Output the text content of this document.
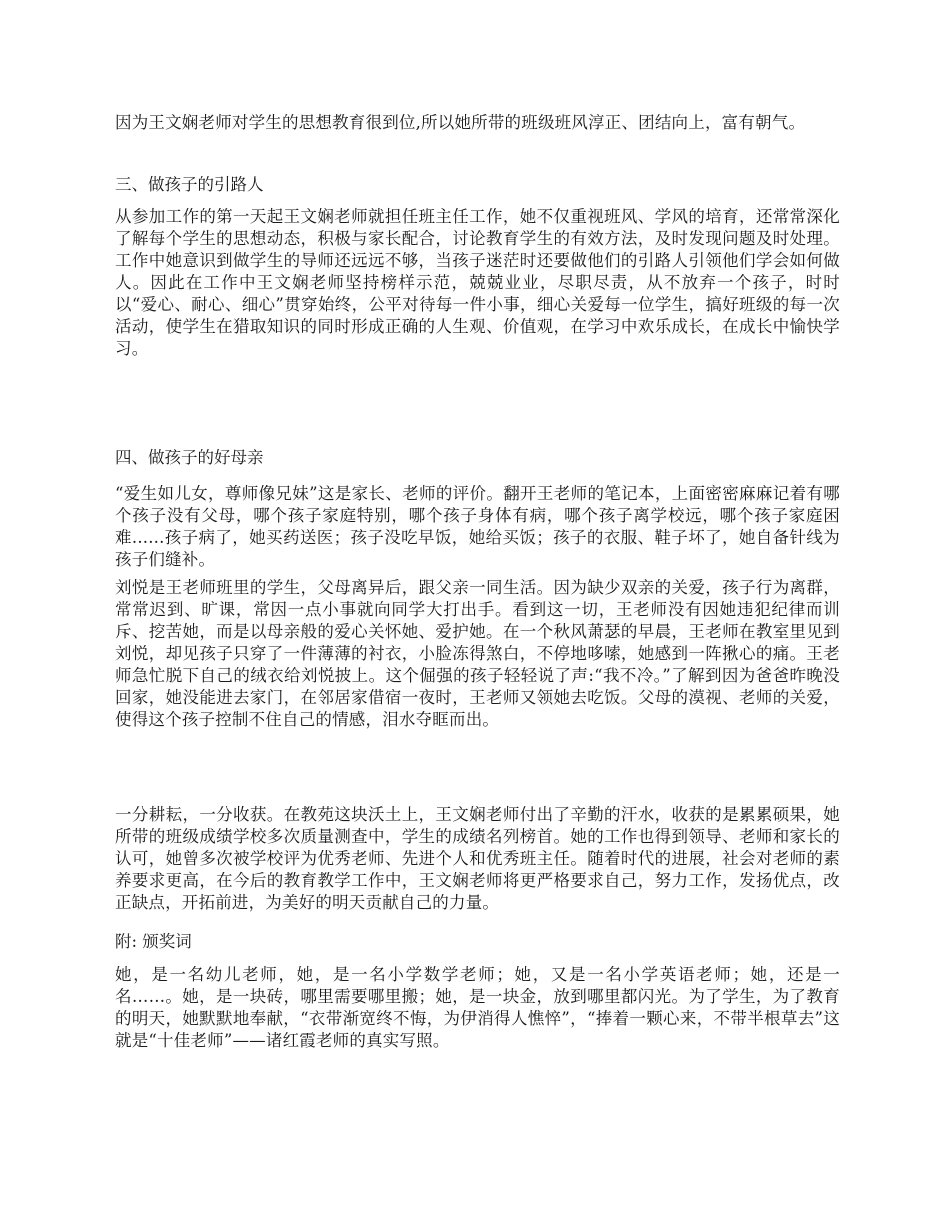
因为王文娴老师对学生的思想教育很到位,所以她所带的班级班风淳正、团结向上，富有朝气。

三、做孩子的引路人

从参加工作的第一天起王文娴老师就担任班主任工作，她不仅重视班风、学风的培育，还常常深化了解每个学生的思想动态，积极与家长配合，讨论教育学生的有效方法，及时发现问题及时处理。工作中她意识到做学生的导师还远远不够，当孩子迷茫时还要做他们的引路人引领他们学会如何做人。因此在工作中王文娴老师坚持榜样示范，兢兢业业，尽职尽责，从不放弃一个孩子，时时以“爱心、耐心、细心”贯穿始终，公平对待每一件小事，细心关爱每一位学生，搞好班级的每一次活动，使学生在猎取知识的同时形成正确的人生观、价值观，在学习中欢乐成长，在成长中愉快学习。

四、做孩子的好母亲

“爱生如儿女，尊师像兄妹”这是家长、老师的评价。翻开王老师的笔记本，上面密密麻麻记着有哪个孩子没有父母，哪个孩子家庭特别，哪个孩子身体有病，哪个孩子离学校远，哪个孩子家庭困难......孩子病了，她买药送医；孩子没吃早饭，她给买饭；孩子的衣服、鞋子坏了，她自备针线为孩子们缝补。

刘悦是王老师班里的学生，父母离异后，跟父亲一同生活。因为缺少双亲的关爱，孩子行为离群，常常迟到、旷课，常因一点小事就向同学大打出手。看到这一切，王老师没有因她违犯纪律而训斥、挖苦她，而是以母亲般的爱心关怀她、爱护她。在一个秋风萧瑟的早晨，王老师在教室里见到刘悦，却见孩子只穿了一件薄薄的衬衣，小脸冻得煞白，不停地哆嗦，她感到一阵揪心的痛。王老师急忙脱下自己的绒衣给刘悦披上。这个倔强的孩子轻轻说了声:“我不冷。”了解到因为爸爸昨晚没回家，她没能进去家门，在邻居家借宿一夜时，王老师又领她去吃饭。父母的漠视、老师的关爱，使得这个孩子控制不住自己的情感，泪水夺眶而出。

一分耕耘，一分收获。在教苑这块沃土上，王文娴老师付出了辛勤的汗水，收获的是累累硕果，她所带的班级成绩学校多次质量测查中，学生的成绩名列榜首。她的工作也得到领导、老师和家长的认可，她曾多次被学校评为优秀老师、先进个人和优秀班主任。随着时代的进展，社会对老师的素养要求更高，在今后的教育教学工作中，王文娴老师将更严格要求自己，努力工作，发扬优点，改正缺点，开拓前进，为美好的明天贡献自己的力量。

附: 颁奖词

她，是一名幼儿老师，她，是一名小学数学老师；她，又是一名小学英语老师；她，还是一名……。她，是一块砖，哪里需要哪里搬；她，是一块金，放到哪里都闪光。为了学生，为了教育的明天，她默默地奉献，“衣带渐宽终不悔，为伊消得人憔悴”，“捧着一颗心来，不带半根草去”这就是“十佳老师”——诸红霞老师的真实写照。
